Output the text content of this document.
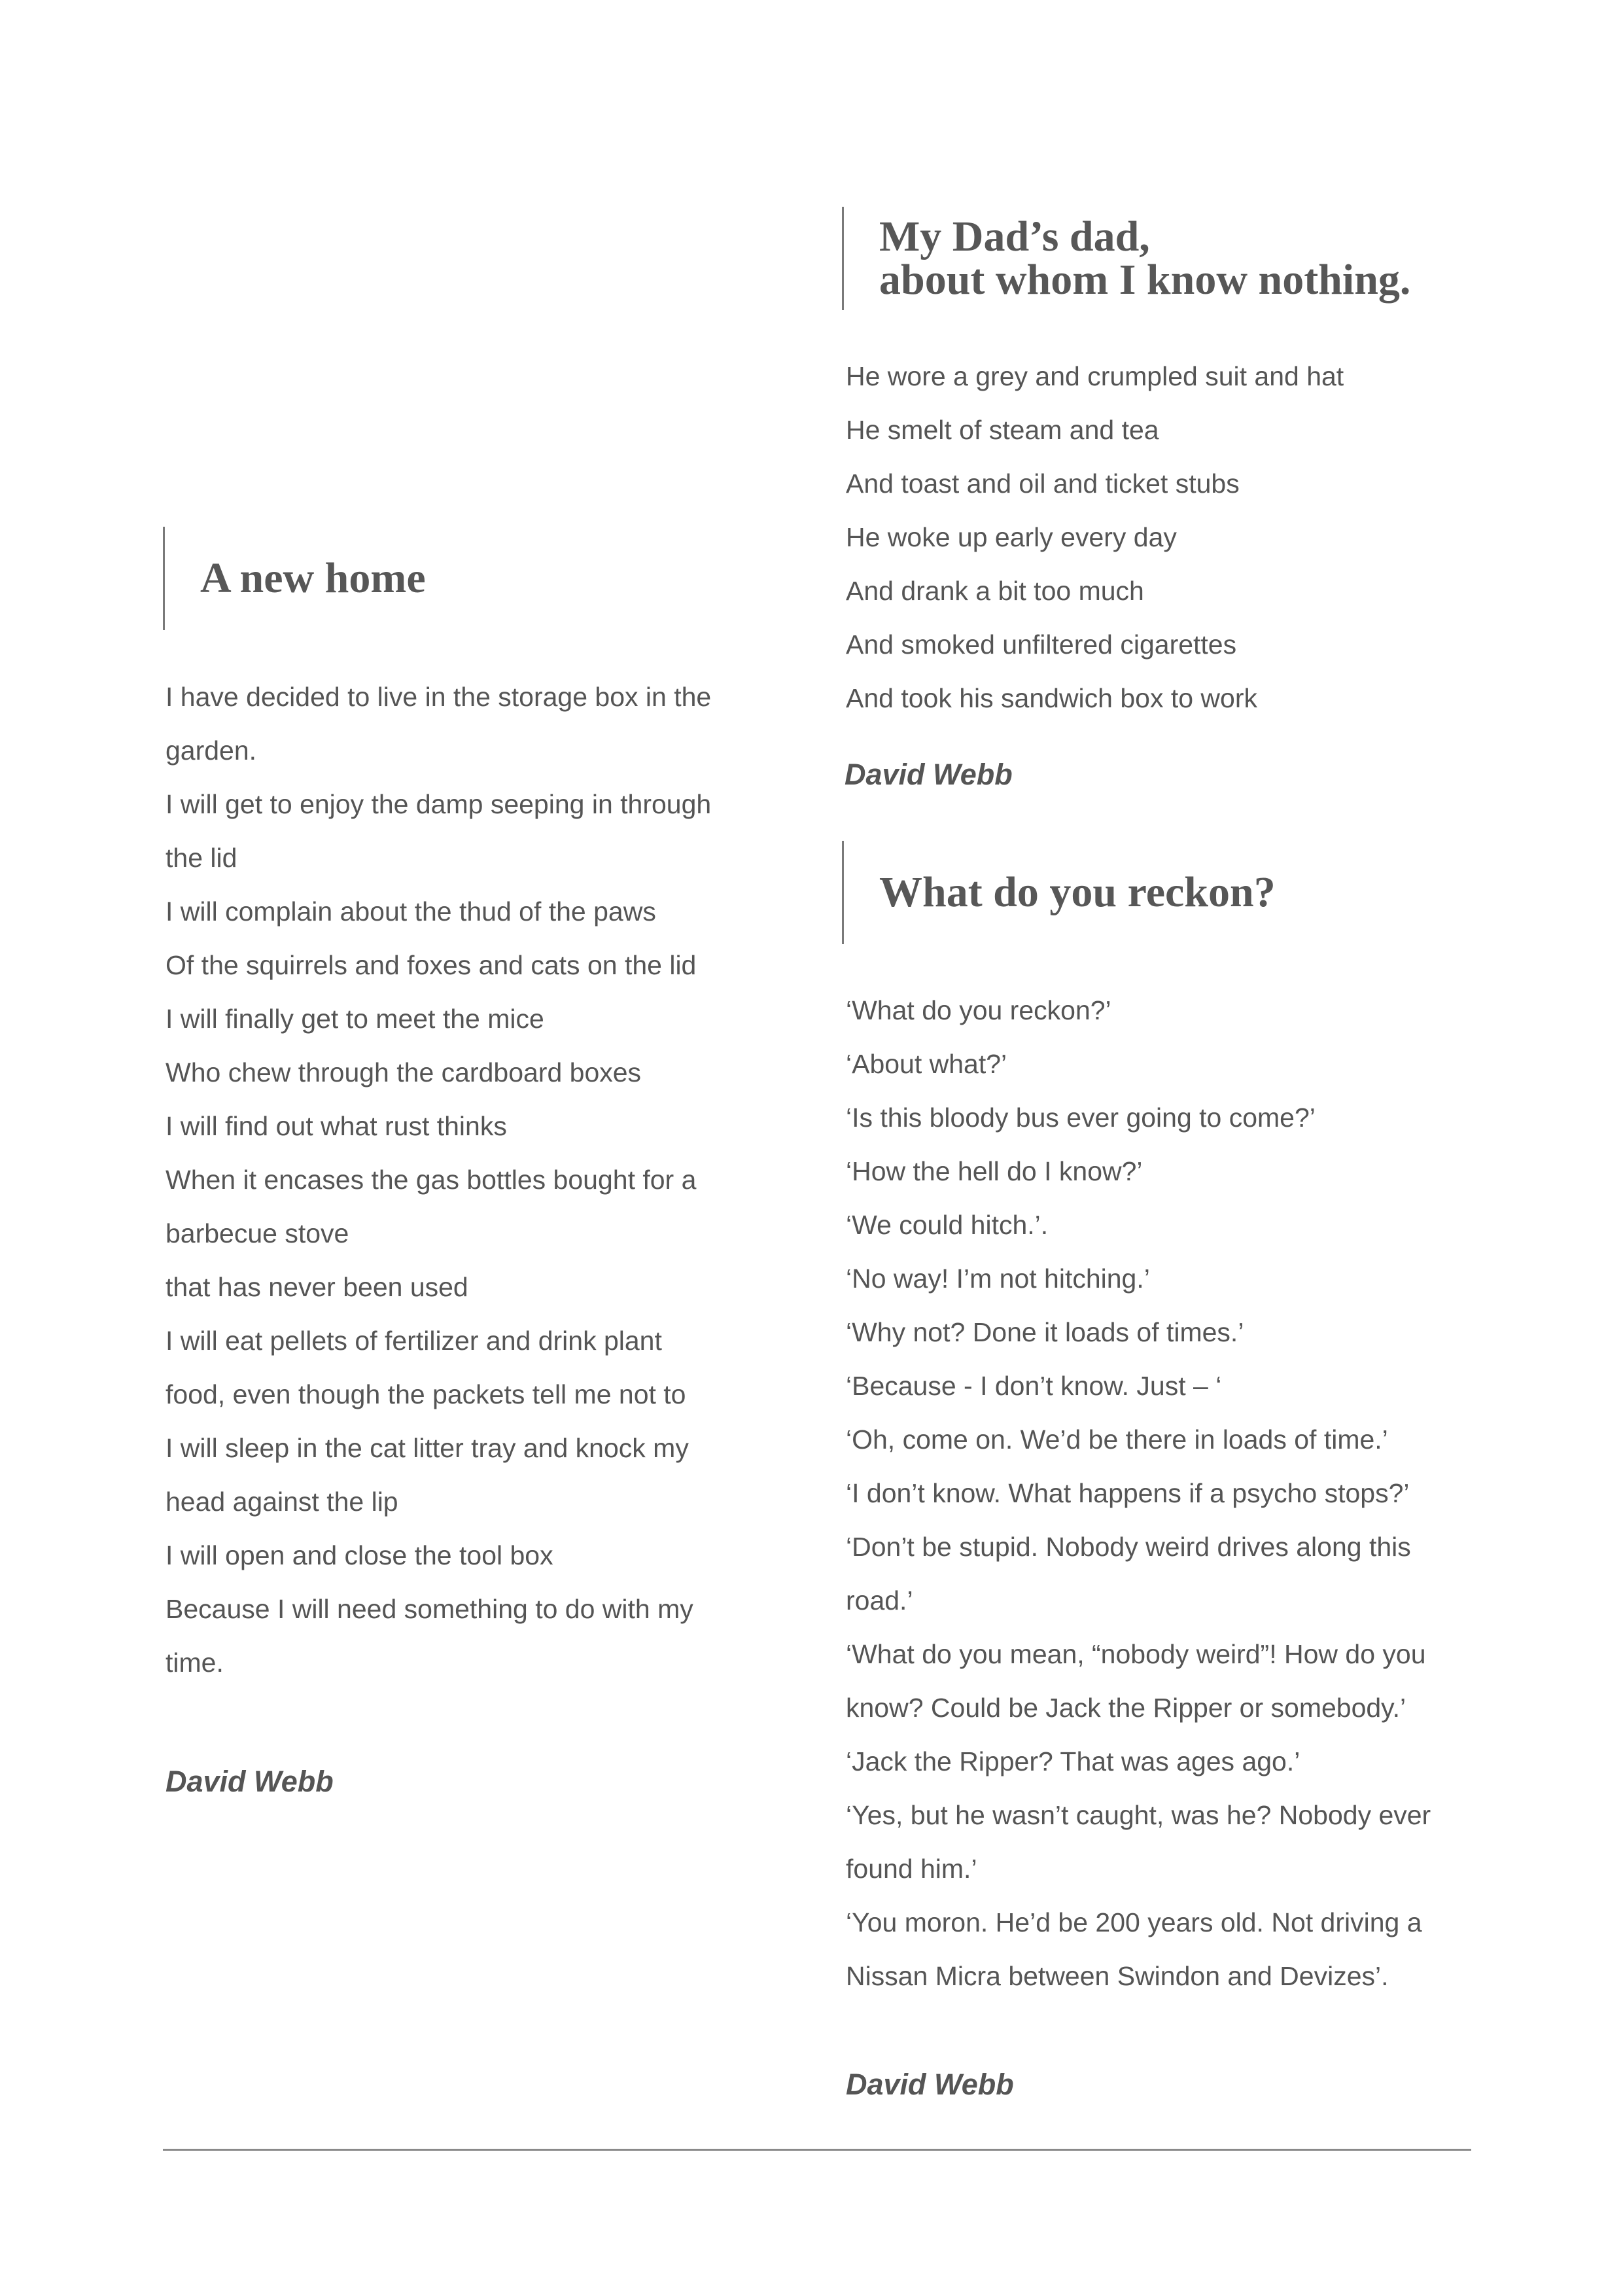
A new home
I have decided to live in the storage box in the
garden.
I will get to enjoy the damp seeping in through
the lid
I will complain about the thud of the paws
Of the squirrels and foxes and cats on the lid
I will finally get to meet the mice
Who chew through the cardboard boxes
I will find out what rust thinks
When it encases the gas bottles bought for a
barbecue stove
that has never been used
I will eat pellets of fertilizer and drink plant
food, even though the packets tell me not to
I will sleep in the cat litter tray and knock my
head against the lip
I will open and close the tool box
Because I will need something to do with my
time.

David Webb

My Dad’s dad,
about whom I know nothing.
He wore a grey and crumpled suit and hat
He smelt of steam and tea
And toast and oil and ticket stubs
He woke up early every day
And drank a bit too much
And smoked unfiltered cigarettes
And took his sandwich box to work

David Webb

What do you reckon?
‘What do you reckon?’
‘About what?’
‘Is this bloody bus ever going to come?’
‘How the hell do I know?’
‘We could hitch.’.
‘No way! I’m not hitching.’
‘Why not? Done it loads of times.’
‘Because - I don’t know. Just – ‘
‘Oh, come on. We’d be there in loads of time.’
‘I don’t know. What happens if a psycho stops?’
‘Don’t be stupid. Nobody weird drives along this
road.’
‘What do you mean, “nobody weird”! How do you
know? Could be Jack the Ripper or somebody.’
‘Jack the Ripper? That was ages ago.’
‘Yes, but he wasn’t caught, was he? Nobody ever
found him.’
‘You moron. He’d be 200 years old. Not driving a
Nissan Micra between Swindon and Devizes’.

David Webb
